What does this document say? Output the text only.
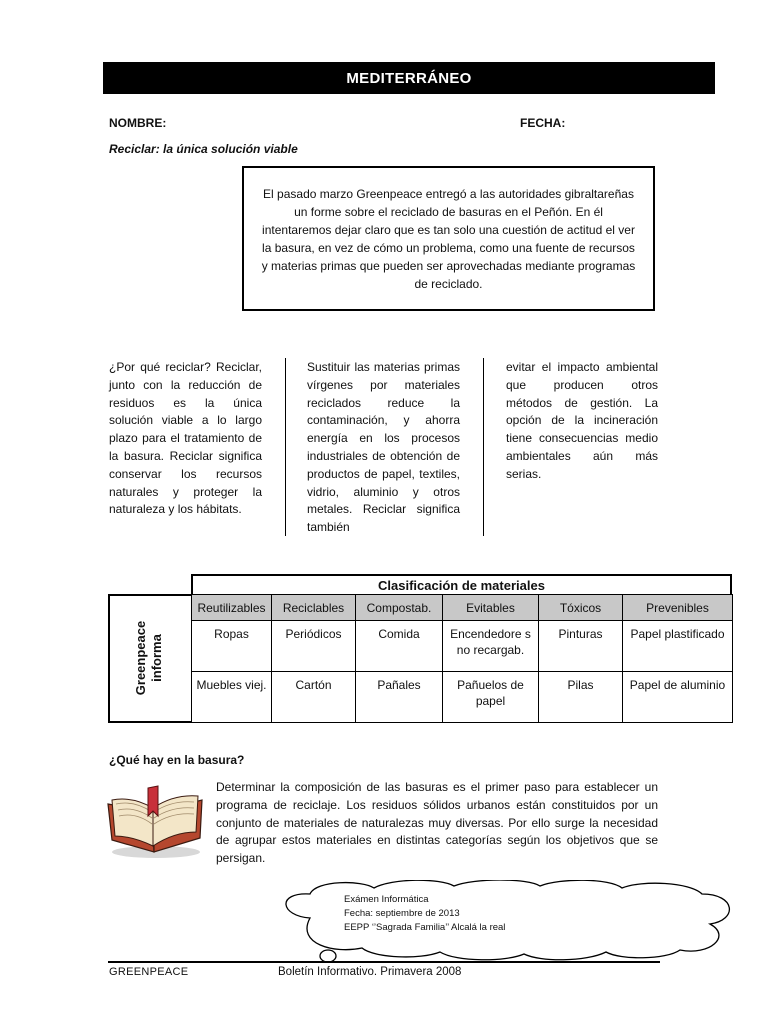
MEDITERRÁNEO
NOMBRE:	FECHA:
Reciclar: la única solución viable

El pasado marzo Greenpeace entregó a las autoridades gibraltareñas un forme sobre el reciclado de basuras en el Peñón. En él intentaremos dejar claro que es tan solo una cuestión de actitud el ver la basura, en vez de cómo un problema, como una fuente de recursos y materias primas que pueden ser aprovechadas mediante programas de reciclado.

¿Por qué reciclar? Reciclar, junto con la reducción de residuos es la única solución viable a lo largo plazo para el tratamiento de la basura. Reciclar significa conservar los recursos naturales y proteger la naturaleza y los hábitats.

Sustituir las materias primas vírgenes por materiales reciclados reduce la contaminación, y ahorra energía en los procesos industriales de obtención de productos de papel, textiles, vidrio, aluminio y otros metales. Reciclar significa también

evitar el impacto ambiental que producen otros métodos de gestión. La opción de la incineración tiene consecuencias medio ambientales aún más serias.

Clasificación de materiales
Greenpeace informa
Reutilizables	Reciclables	Compostab.	Evitables	Tóxicos	Prevenibles
Ropas	Periódicos	Comida	Encendedore s no recargab.	Pinturas	Papel plastificado
Muebles viej.	Cartón	Pañales	Pañuelos de papel	Pilas	Papel de aluminio
¿Qué hay en la basura?

Determinar la composición de las basuras es el primer paso para establecer un programa de reciclaje. Los residuos sólidos urbanos están constituidos por un conjunto de materiales de naturalezas muy diversas. Por ello surge la necesidad de agrupar estos materiales en distintas categorías según los objetivos que se persigan.

Exámen Informática
Fecha: septiembre de 2013
EEPP ‘’Sagrada Familia’’ Alcalá la real
GREENPEACE	Boletín Informativo. Primavera 2008
